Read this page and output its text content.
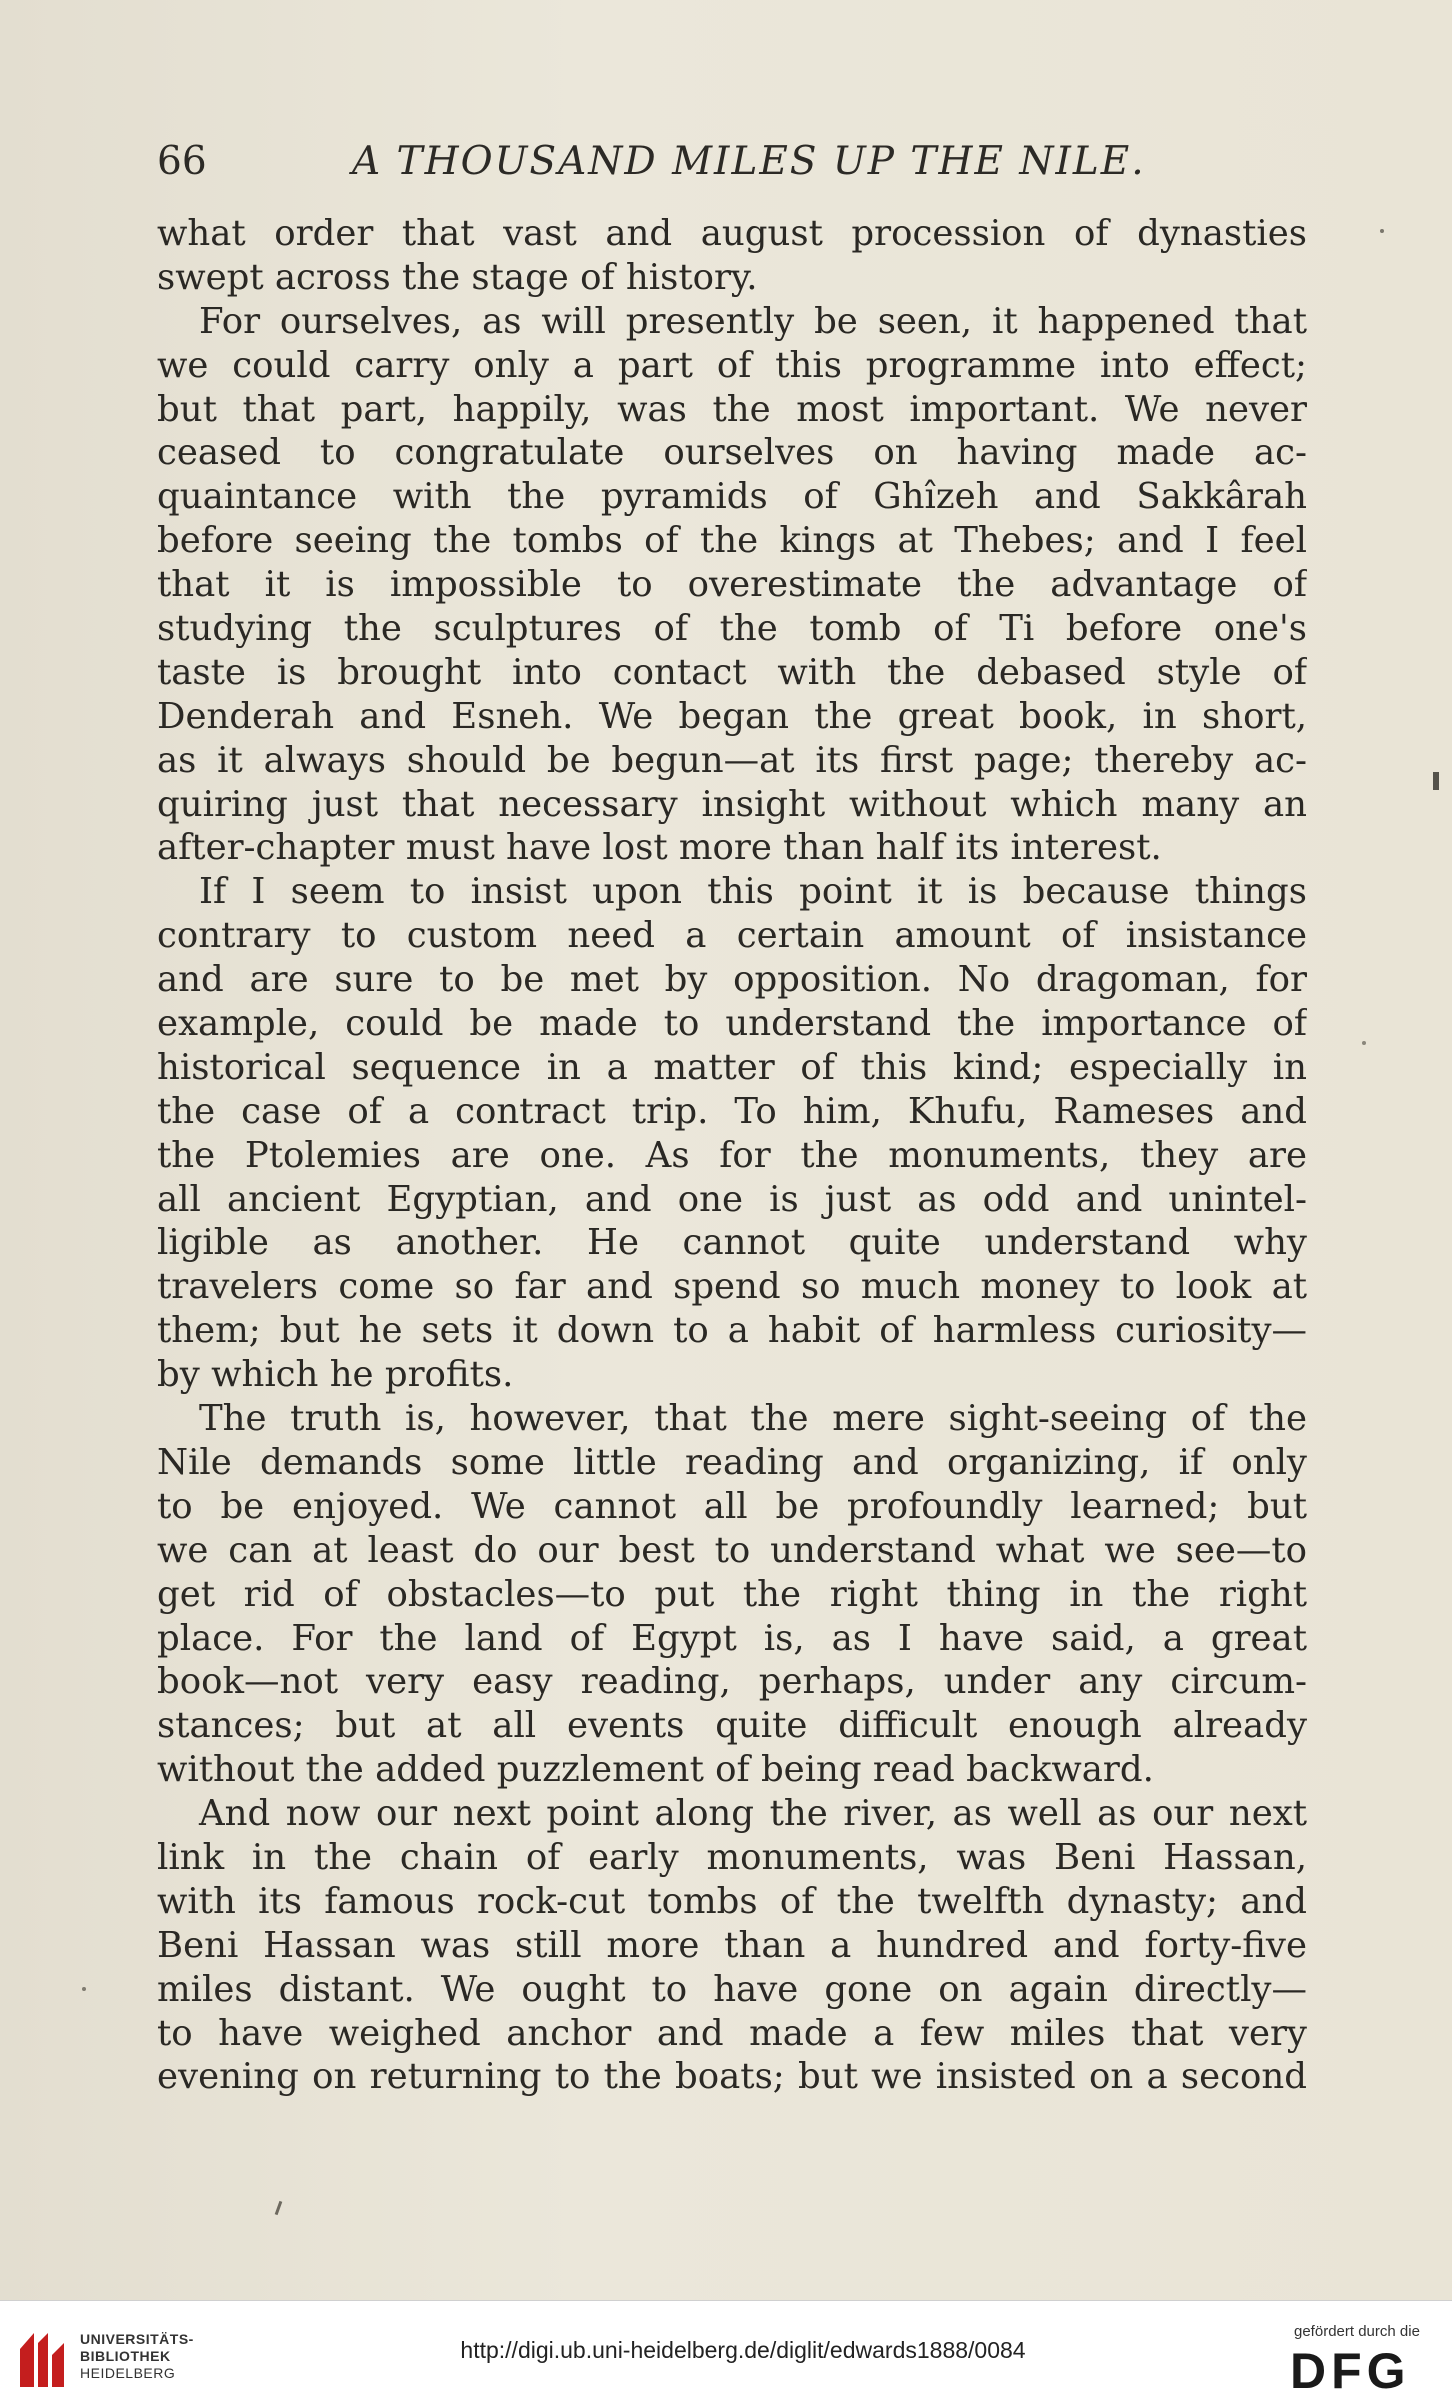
66	A THOUSAND MILES UP THE NILE.

what order that vast and august procession of dynasties
swept across the stage of history.

For ourselves, as will presently be seen, it happened that
we could carry only a part of this programme into effect;
but that part, happily, was the most important. We never
ceased to congratulate ourselves on having made ac-
quaintance with the pyramids of Ghîzeh and Sakkârah
before seeing the tombs of the kings at Thebes; and I feel
that it is impossible to overestimate the advantage of
studying the sculptures of the tomb of Ti before one's
taste is brought into contact with the debased style of
Denderah and Esneh. We began the great book, in short,
as it always should be begun—at its first page; thereby ac-
quiring just that necessary insight without which many an
after-chapter must have lost more than half its interest.

If I seem to insist upon this point it is because things
contrary to custom need a certain amount of insistance
and are sure to be met by opposition. No dragoman, for
example, could be made to understand the importance of
historical sequence in a matter of this kind; especially in
the case of a contract trip. To him, Khufu, Rameses and
the Ptolemies are one. As for the monuments, they are
all ancient Egyptian, and one is just as odd and unintel-
ligible as another. He cannot quite understand why
travelers come so far and spend so much money to look at
them; but he sets it down to a habit of harmless curiosity—
by which he profits.

The truth is, however, that the mere sight-seeing of the
Nile demands some little reading and organizing, if only
to be enjoyed. We cannot all be profoundly learned; but
we can at least do our best to understand what we see—to
get rid of obstacles—to put the right thing in the right
place. For the land of Egypt is, as I have said, a great
book—not very easy reading, perhaps, under any circum-
stances; but at all events quite difficult enough already
without the added puzzlement of being read backward.

And now our next point along the river, as well as our next
link in the chain of early monuments, was Beni Hassan,
with its famous rock-cut tombs of the twelfth dynasty; and
Beni Hassan was still more than a hundred and forty-five
miles distant. We ought to have gone on again directly—
to have weighed anchor and made a few miles that very
evening on returning to the boats; but we insisted on a second

UNIVERSITÄTS-
BIBLIOTHEK
HEIDELBERG
http://digi.ub.uni-heidelberg.de/diglit/edwards1888/0084
gefördert durch die
DFG
